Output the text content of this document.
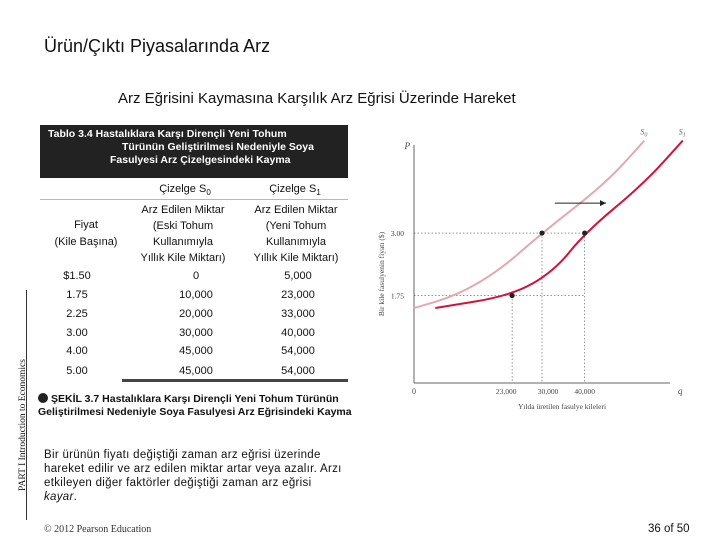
Ürün/Çıktı Piyasalarında Arz
Arz Eğrisini Kaymasına Karşılık Arz Eğrisi Üzerinde Hareket
Tablo 3.4 Hastalıklara Karşı Dirençli Yeni Tohum
Türünün Geliştirilmesi Nedeniyle Soya
Fasulyesi Arz Çizelgesindeki Kayma
Çizelge $S_0$	Çizelge $S_1$
Fiyat
(Kile Başına)
Arz Edilen Miktar
(Eski Tohum
Kullanımıyla
Yıllık Kile Miktarı)
Arz Edilen Miktar
(Yeni Tohum
Kullanımıyla
Yıllık Kile Miktarı)
$1.50	0	5,000
1.75	10,000	23,000
2.25	20,000	33,000
3.00	30,000	40,000
4.00	45,000	54,000
5.00	45,000	54,000
PART I Introduction to Economics
P
q
0
Bir kile fasulyenin fiyatı ($)
Yılda üretilen fasulye kileleri
3.00
1.75
23,000	30,000 40,000
$S_0$	$S_1$
ŞEKİL 3.7 Hastalıklara Karşı Dirençli Yeni Tohum Türünün Geliştirilmesi Nedeniyle Soya Fasulyesi Arz Eğrisindeki Kayma
Bir ürünün fiyatı değiştiği zaman arz eğrisi üzerinde hareket edilir ve arz edilen miktar artar veya azalır. Arzı etkileyen diğer faktörler değiştiği zaman arz eğrisi kayar.
© 2012 Pearson Education	36 of 50
